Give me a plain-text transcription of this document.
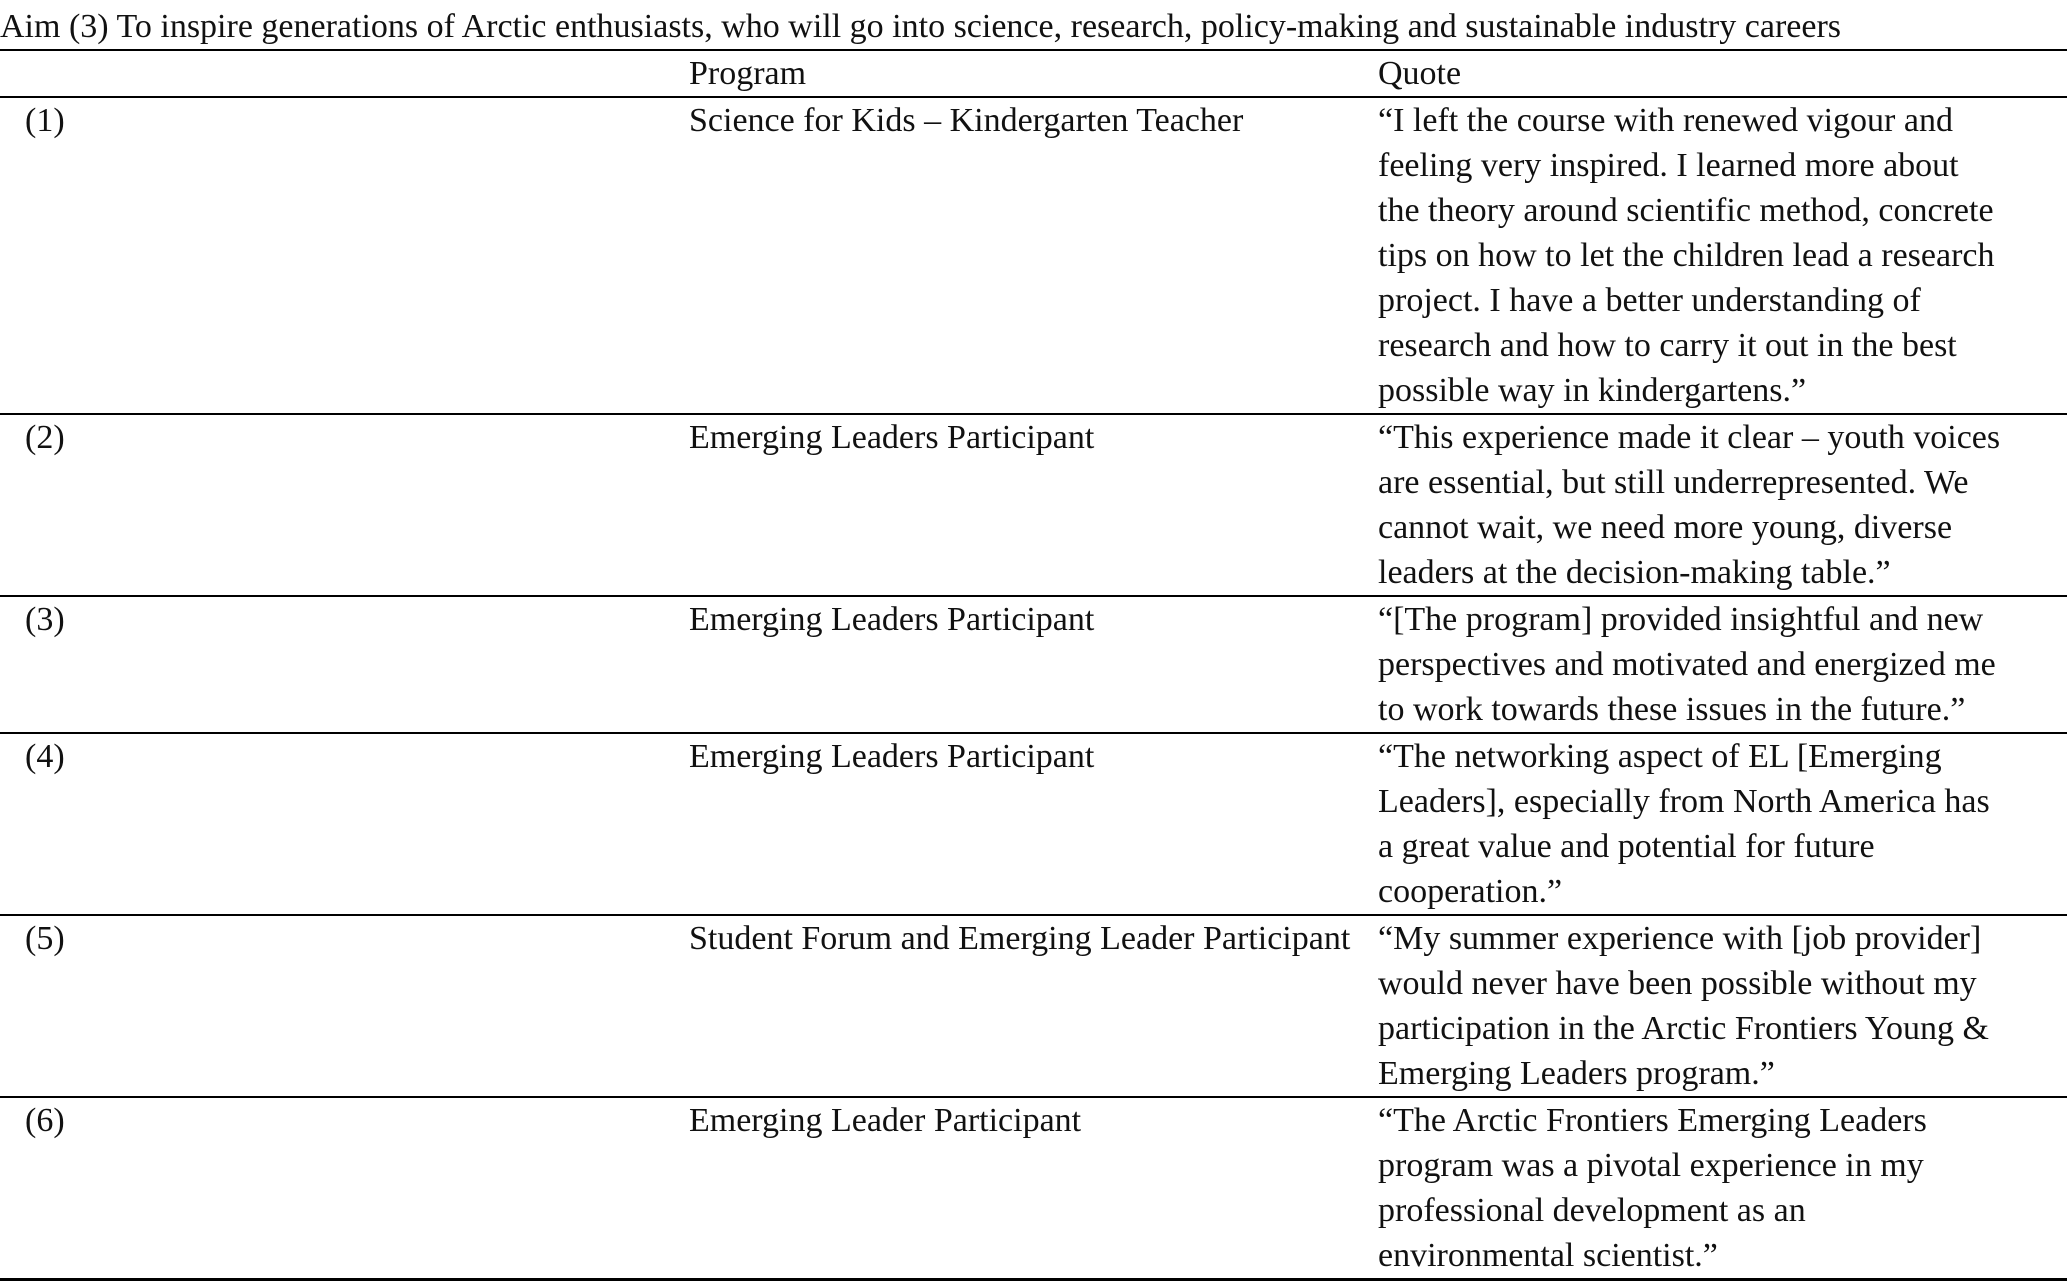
Aim (3) To inspire generations of Arctic enthusiasts, who will go into science, research, policy-making and sustainable industry careers		
	Program	Quote
(1)	Science for Kids – Kindergarten Teacher	“I left the course with renewed vigour and feeling very inspired. I learned more about the theory around scientific method, concrete tips on how to let the children lead a research project. I have a better understanding of research and how to carry it out in the best possible way in kindergartens.”
(2)	Emerging Leaders Participant	“This experience made it clear – youth voices are essential, but still underrepresented. We cannot wait, we need more young, diverse leaders at the decision-making table.”
(3)	Emerging Leaders Participant	“[The program] provided insightful and new perspectives and motivated and energized me to work towards these issues in the future.”
(4)	Emerging Leaders Participant	“The networking aspect of EL [Emerging Leaders], especially from North America has a great value and potential for future cooperation.”
(5)	Student Forum and Emerging Leader Participant	“My summer experience with [job provider] would never have been possible without my participation in the Arctic Frontiers Young & Emerging Leaders program.”
(6)	Emerging Leader Participant	“The Arctic Frontiers Emerging Leaders program was a pivotal experience in my professional development as an environmental scientist.”
